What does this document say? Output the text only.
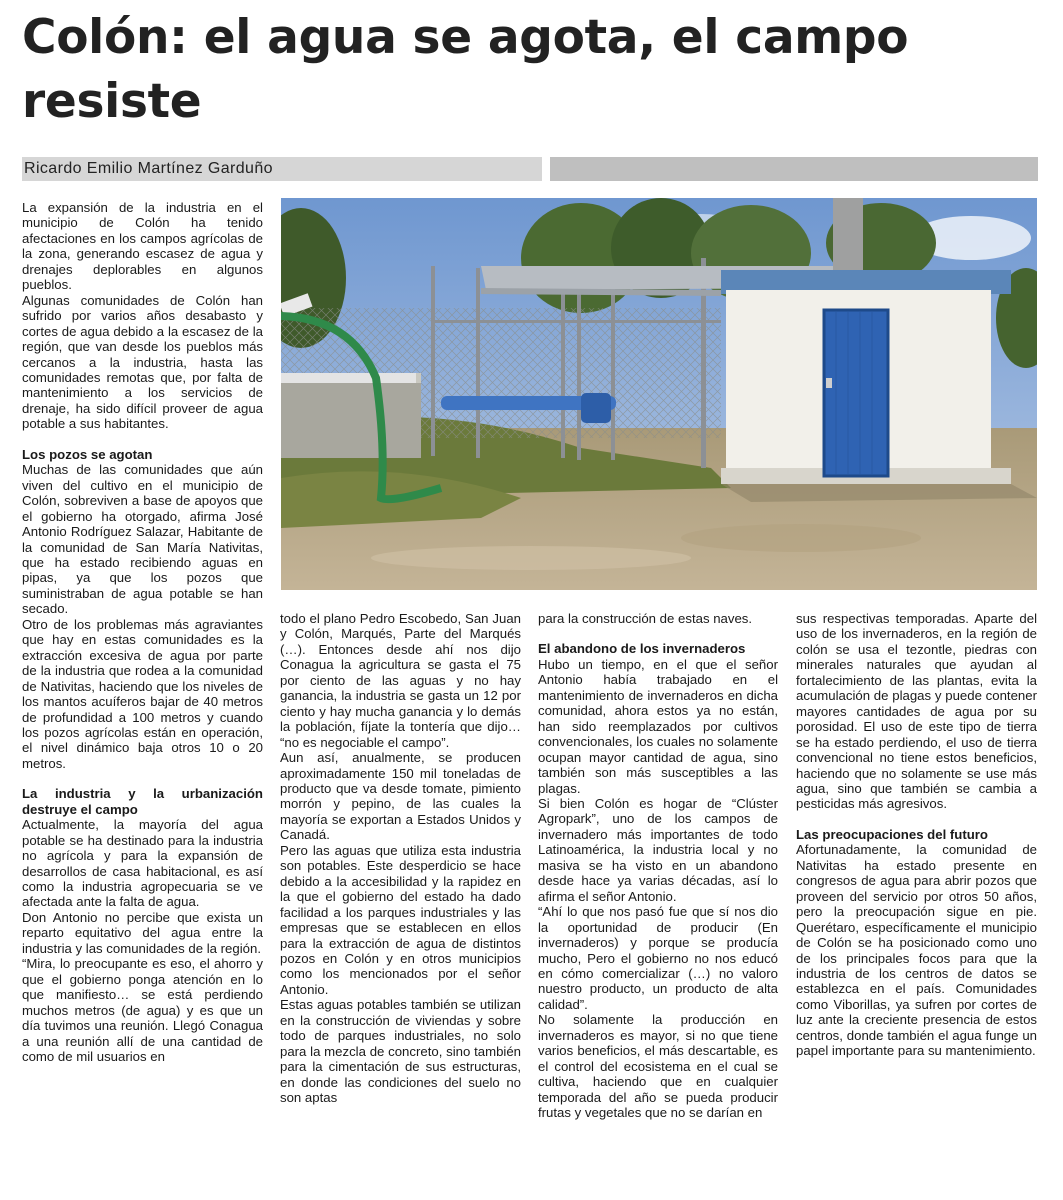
Colón: el agua se agota, el campo resiste
Ricardo Emilio Martínez Garduño

La expansión de la industria en el municipio de Colón ha tenido afectaciones en los campos agrícolas de la zona, generando escasez de agua y drenajes deplorables en algunos pueblos.

Algunas comunidades de Colón han sufrido por varios años desabasto y cortes de agua debido a la escasez de la región, que van desde los pueblos más cercanos a la industria, hasta las comunidades remotas que, por falta de mantenimiento a los servicios de drenaje, ha sido difícil proveer de agua potable a sus habitantes.

Los pozos se agotan

Muchas de las comunidades que aún viven del cultivo en el municipio de Colón, sobreviven a base de apoyos que el gobierno ha otorgado, afirma José Antonio Rodríguez Salazar, Habitante de la comunidad de San María Nativitas, que ha estado recibiendo aguas en pipas, ya que los pozos que suministraban de agua potable se han secado.

Otro de los problemas más agraviantes que hay en estas comunidades es la extracción excesiva de agua por parte de la industria que rodea a la comunidad de Nativitas, haciendo que los niveles de los mantos acuíferos bajar de 40 metros de profundidad a 100 metros y cuando los pozos agrícolas están en operación, el nivel dinámico baja otros 10 o 20 metros.

La industria y la urbanización destruye el campo

Actualmente, la mayoría del agua potable se ha destinado para la industria no agrícola y para la expansión de desarrollos de casa habitacional, es así como la industria agropecuaria se ve afectada ante la falta de agua.

Don Antonio no percibe que exista un reparto equitativo del agua entre la industria y las comunidades de la región.

“Mira, lo preocupante es eso, el ahorro y que el gobierno ponga atención en lo que manifiesto… se está perdiendo muchos metros (de agua) y es que un día tuvimos una reunión. Llegó Conagua a una reunión allí de una cantidad de como de mil usuarios en

todo el plano Pedro Escobedo, San Juan y Colón, Marqués, Parte del Marqués (…). Entonces desde ahí nos dijo Conagua la agricultura se gasta el 75 por ciento de las aguas y no hay ganancia, la industria se gasta un 12 por ciento y hay mucha ganancia y lo demás la población, fíjate la tontería que dijo… “no es negociable el campo”.

Aun así, anualmente, se producen aproximadamente 150 mil toneladas de producto que va desde tomate, pimiento morrón y pepino, de las cuales la mayoría se exportan a Estados Unidos y Canadá.

Pero las aguas que utiliza esta industria son potables. Este desperdicio se hace debido a la accesibilidad y la rapidez en la que el gobierno del estado ha dado facilidad a los parques industriales y las empresas que se establecen en ellos para la extracción de agua de distintos pozos en Colón y en otros municipios como los mencionados por el señor Antonio.

Estas aguas potables también se utilizan en la construcción de viviendas y sobre todo de parques industriales, no solo para la mezcla de concreto, sino también para la cimentación de sus estructuras, en donde las condiciones del suelo no son aptas

para la construcción de estas naves.

El abandono de los invernaderos

Hubo un tiempo, en el que el señor Antonio había trabajado en el mantenimiento de invernaderos en dicha comunidad, ahora estos ya no están, han sido reemplazados por cultivos convencionales, los cuales no solamente ocupan mayor cantidad de agua, sino también son más susceptibles a las plagas.

Si bien Colón es hogar de “Clúster Agropark”, uno de los campos de invernadero más importantes de todo Latinoamérica, la industria local y no masiva se ha visto en un abandono desde hace ya varias décadas, así lo afirma el señor Antonio.

“Ahí lo que nos pasó fue que sí nos dio la oportunidad de producir (En invernaderos) y porque se producía mucho, Pero el gobierno no nos educó en cómo comercializar (…) no valoro nuestro producto, un producto de alta calidad”.

No solamente la producción en invernaderos es mayor, si no que tiene varios beneficios, el más descartable, es el control del ecosistema en el cual se cultiva, haciendo que en cualquier temporada del año se pueda producir frutas y vegetales que no se darían en

sus respectivas temporadas. Aparte del uso de los invernaderos, en la región de colón se usa el tezontle, piedras con minerales naturales que ayudan al fortalecimiento de las plantas, evita la acumulación de plagas y puede contener mayores cantidades de agua por su porosidad. El uso de este tipo de tierra se ha estado perdiendo, el uso de tierra convencional no tiene estos beneficios, haciendo que no solamente se use más agua, sino que también se cambia a pesticidas más agresivos.

Las preocupaciones del futuro

Afortunadamente, la comunidad de Nativitas ha estado presente en congresos de agua para abrir pozos que proveen del servicio por otros 50 años, pero la preocupación sigue en pie. Querétaro, específicamente el municipio de Colón se ha posicionado como uno de los principales focos para que la industria de los centros de datos se establezca en el país. Comunidades como Viborillas, ya sufren por cortes de luz ante la creciente presencia de estos centros, donde también el agua funge un papel importante para su mantenimiento.
